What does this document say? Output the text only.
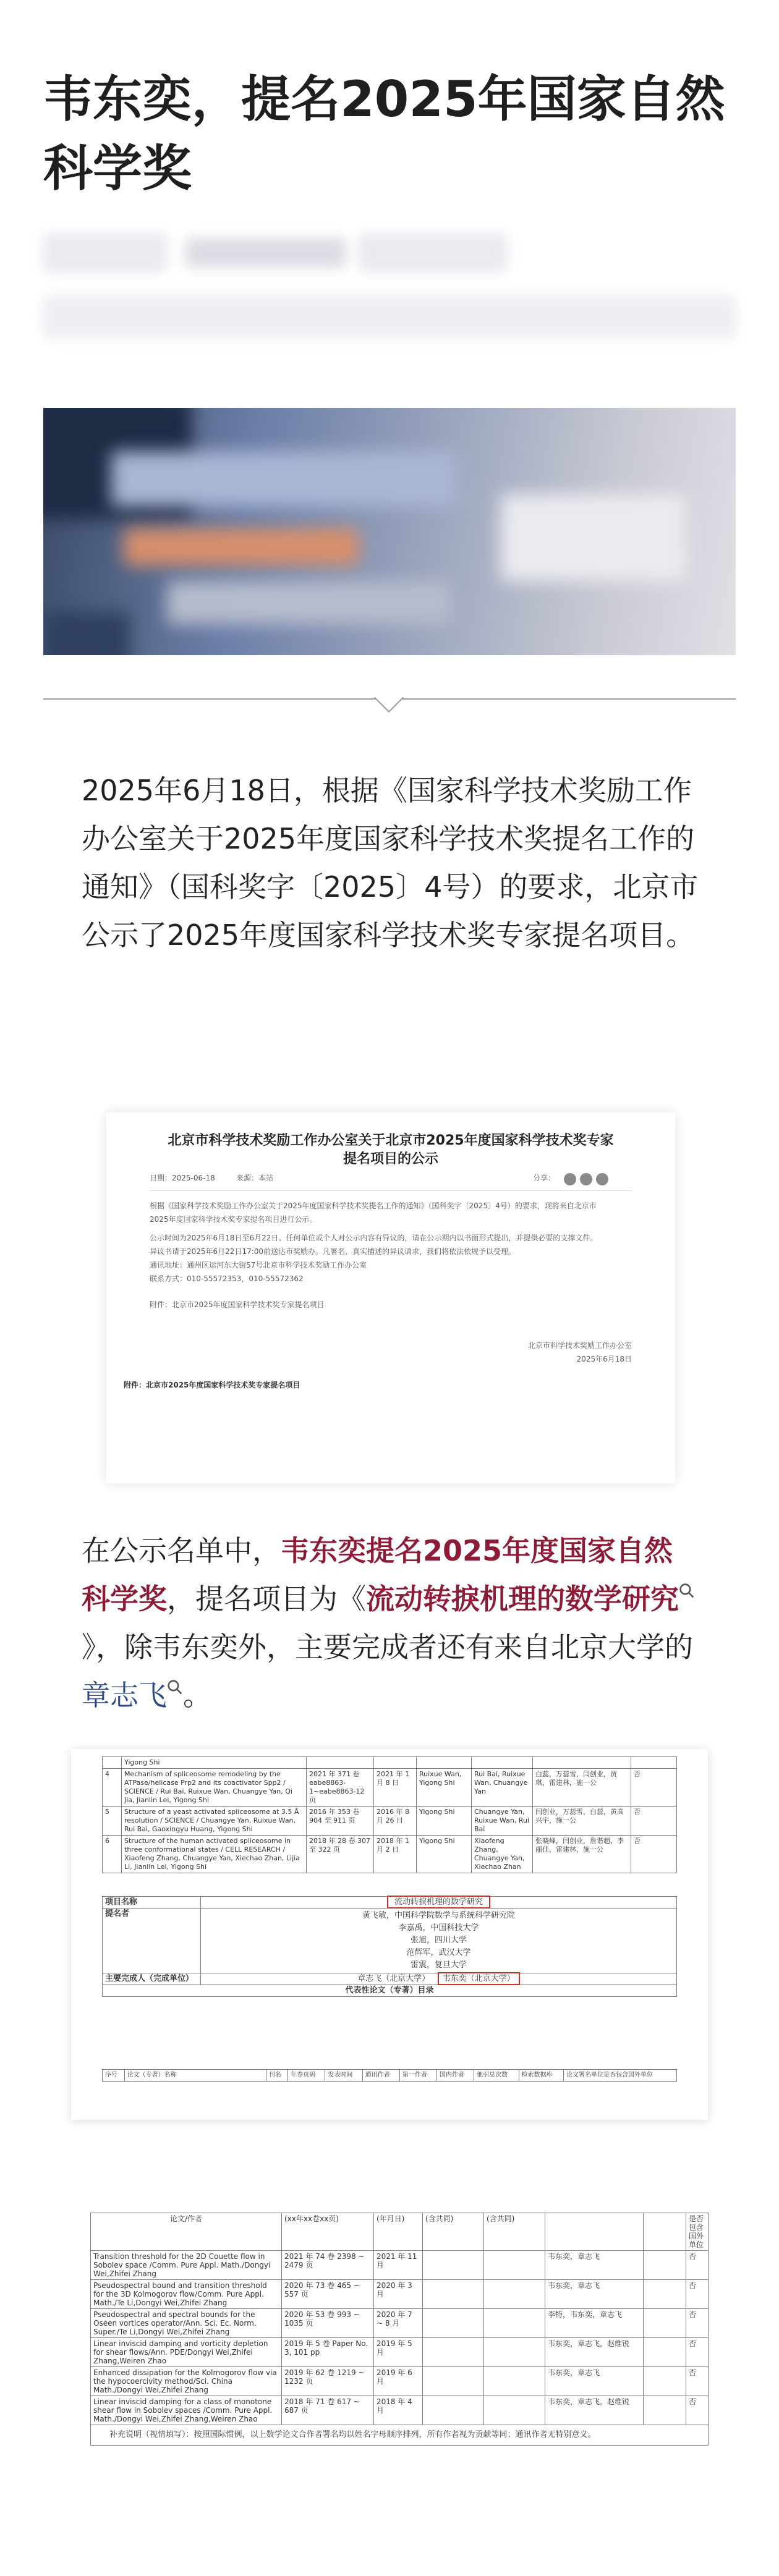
韦东奕，提名2025年国家自然
科学奖
2025年6月18日，根据《国家科学技术奖励工作办公室关于2025年度国家科学技术奖提名工作的通知》（国科奖字〔2025〕4号）的要求，北京市公示了2025年度国家科学技术奖专家提名项目。
北京市科学技术奖励工作办公室关于北京市2025年度国家科学技术奖专家
提名项目的公示
日期：2025-06-18	来源：本站	分享：
根据《国家科学技术奖励工作办公室关于2025年度国家科学技术奖提名工作的通知》（国科奖字〔2025〕4号）的要求，现将来自北京市
2025年度国家科学技术奖专家提名项目进行公示。
公示时间为2025年6月18日至6月22日。任何单位或个人对公示内容有异议的，请在公示期内以书面形式提出，并提供必要的支撑文件。
异议书请于2025年6月22日17:00前送达市奖励办。凡署名、真实描述的异议请求，我们将依法依规予以受理。
通讯地址：通州区运河东大街57号北京市科学技术奖励工作办公室
联系方式：010-55572353，010-55572362
附件：北京市2025年度国家科学技术奖专家提名项目
北京市科学技术奖励工作办公室
2025年6月18日
附件：北京市2025年度国家科学技术奖专家提名项目
在公示名单中，韦东奕提名2025年度国家自然科学奖，提名项目为《流动转捩机理的数学研究》，除韦东奕外，主要完成者还有来自北京大学的章志飞 。
	Yigong Shi						
4	Mechanism of spliceosome remodeling by the ATPase/helicase Prp2 and its coactivator Spp2 / SCIENCE / Rui Bai, Ruixue Wan, Chuangye Yan, Qi Jia, Jianlin Lei, Yigong Shi	2021 年 371 卷 eabe8863-1~eabe8863-12 页	2021 年 1 月 8 日	Ruixue Wan, Yigong Shi	Rui Bai, Ruixue Wan, Chuangye Yan	白蕊，万蕊雪，闫创业，贾琪，雷建林，施一公	否
5	Structure of a yeast activated spliceosome at 3.5 Å resolution / SCIENCE / Chuangye Yan, Ruixue Wan, Rui Bai, Gaoxingyu Huang, Yigong Shi	2016 年 353 卷 904 至 911 页	2016 年 8 月 26 日	Yigong Shi	Chuangye Yan, Ruixue Wan, Rui Bai	闫创业，万蕊雪，白蕊，黄高兴宇，施一公	否
6	Structure of the human activated spliceosome in three conformational states / CELL RESEARCH / Xiaofeng Zhang, Chuangye Yan, Xiechao Zhan, Lijia Li, Jianlin Lei, Yigong Shi	2018 年 28 卷 307 至 322 页	2018 年 1 月 2 日	Yigong Shi	Xiaofeng Zhang, Chuangye Yan, Xiechao Zhan	张晓峰，闫创业，詹谐超，李丽佳，雷建林，施一公	否
项目名称	流动转捩机理的数学研究
提名者	黄飞敏，中国科学院数学与系统科学研究院
李嘉禹，中国科技大学
张旭，四川大学
范辉军，武汉大学
雷震，复旦大学
主要完成人（完成单位）	章志飞（北京大学） 韦东奕（北京大学）
代表性论文（专著）目录	
序号	论文（专著）名称	刊名	年卷页码	发表时间	通讯作者	第一作者	国内作者	他引总次数	检索数据库	论文署名单位是否包含国外单位
论文/作者	(xx年xx卷xx页)	(年月日)	(含共同)	(含共同)			是否包含国外单位
Transition threshold for the 2D Couette flow in Sobolev space /Comm. Pure Appl. Math./Dongyi Wei,Zhifei Zhang	2021 年 74 卷 2398 ~ 2479 页	2021 年 11 月			韦东奕，章志飞		否
Pseudospectral bound and transition threshold for the 3D Kolmogorov flow/Comm. Pure Appl. Math./Te Li,Dongyi Wei,Zhifei Zhang	2020 年 73 卷 465 ~ 557 页	2020 年 3 月			韦东奕，章志飞		否
Pseudospectral and spectral bounds for the Oseen vortices operator/Ann. Sci. Ec. Norm. Super./Te Li,Dongyi Wei,Zhifei Zhang	2020 年 53 卷 993 ~ 1035 页	2020 年 7 ~ 8 月			李特，韦东奕，章志飞		否
Linear inviscid damping and vorticity depletion for shear flows/Ann. PDE/Dongyi Wei,Zhifei Zhang,Weiren Zhao	2019 年 5 卷 Paper No. 3, 101 pp	2019 年 5 月			韦东奕，章志飞，赵维锐		否
Enhanced dissipation for the Kolmogorov flow via the hypocoercivity method/Sci. China Math./Dongyi Wei,Zhifei Zhang	2019 年 62 卷 1219 ~ 1232 页	2019 年 6 月			韦东奕，章志飞		否
Linear inviscid damping for a class of monotone shear flow in Sobolev spaces /Comm. Pure Appl. Math./Dongyi Wei,Zhifei Zhang,Weiren Zhao	2018 年 71 卷 617 ~ 687 页	2018 年 4 月			韦东奕，章志飞，赵维锐		否
补充说明（视情填写）：按照国际惯例，以上数学论文合作者署名均以姓名字母顺序排列，所有作者视为贡献等同；通讯作者无特别意义。							
